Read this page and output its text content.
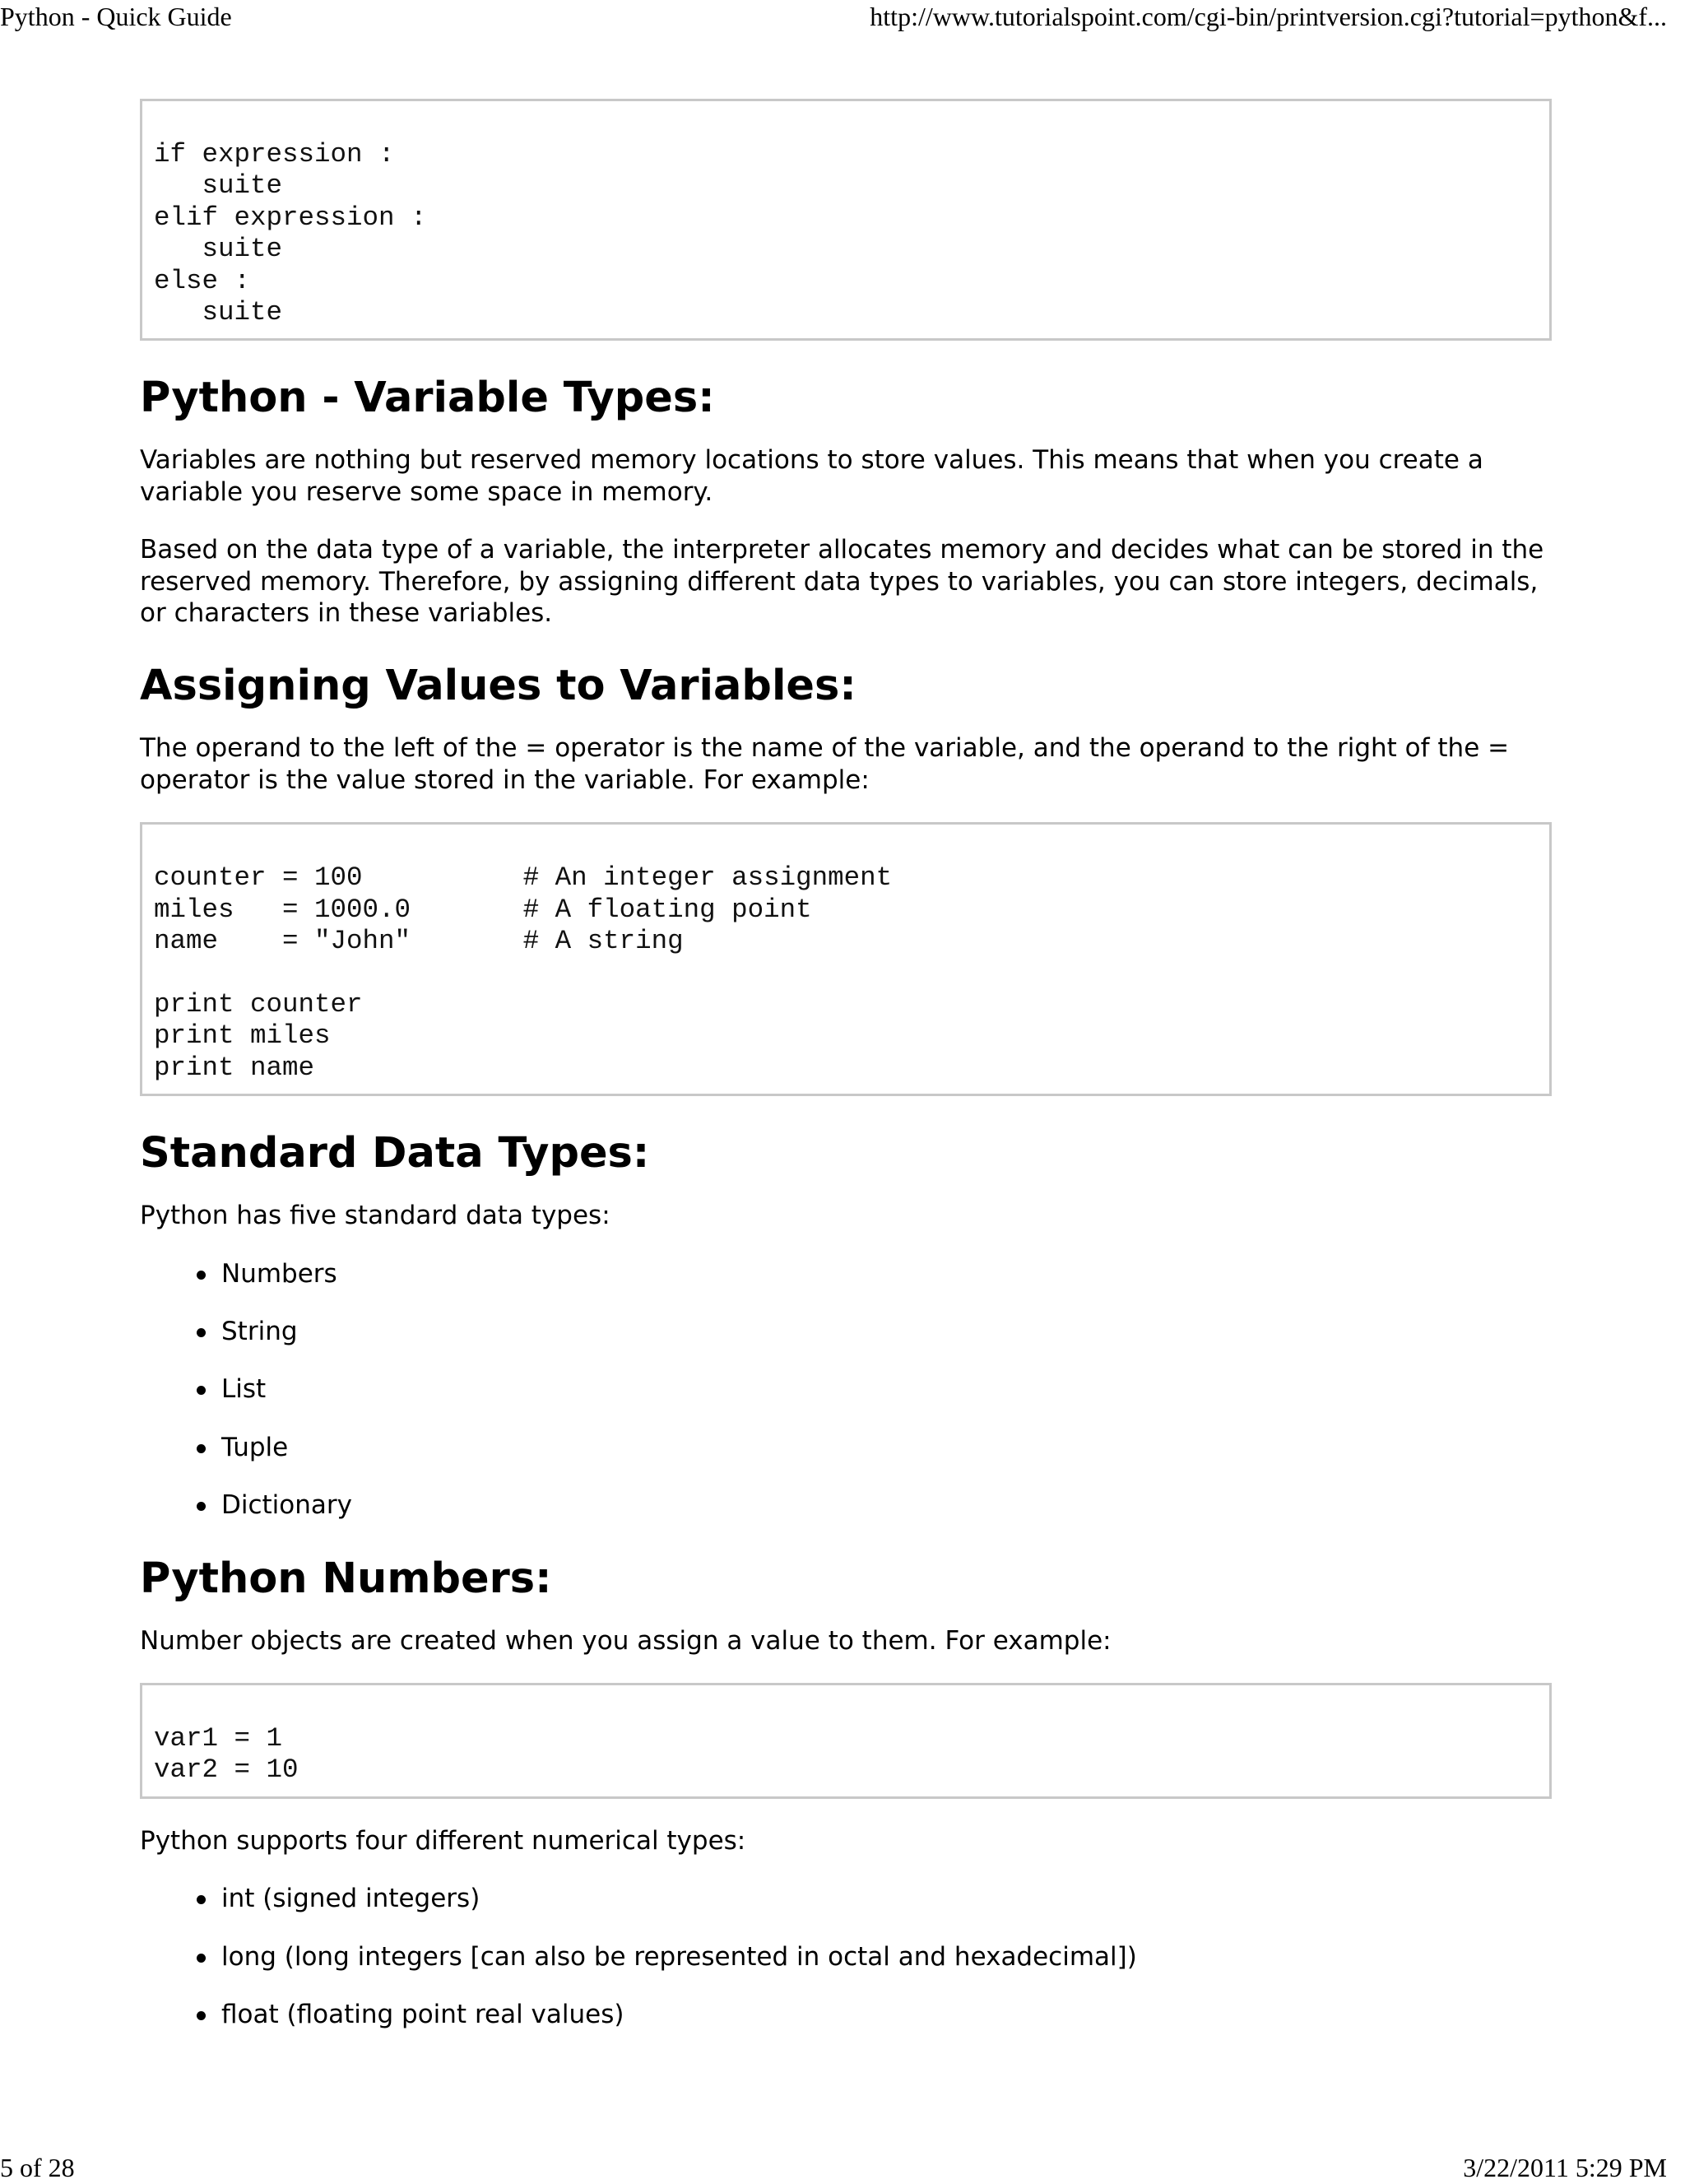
Python - Quick Guide	http://www.tutorialspoint.com/cgi-bin/printversion.cgi?tutorial=python&f...
if expression :
suite
elif expression :
suite
else :
suite
Python - Variable Types:

Variables are nothing but reserved memory locations to store values. This means that when you create a variable you reserve some space in memory.

Based on the data type of a variable, the interpreter allocates memory and decides what can be stored in the reserved memory. Therefore, by assigning different data types to variables, you can store integers, decimals, or characters in these variables.

Assigning Values to Variables:

The operand to the left of the = operator is the name of the variable, and the operand to the right of the = operator is the value stored in the variable. For example:

counter = 100          # An integer assignment
miles   = 1000.0       # A floating point
name    = "John"       # A string

print counter
print miles
print name
Standard Data Types:

Python has five standard data types:

Numbers
String
List
Tuple
Dictionary
Python Numbers:

Number objects are created when you assign a value to them. For example:

var1 = 1
var2 = 10

Python supports four different numerical types:

int (signed integers)
long (long integers [can also be represented in octal and hexadecimal])
float (floating point real values)
5 of 28	3/22/2011 5:29 PM
